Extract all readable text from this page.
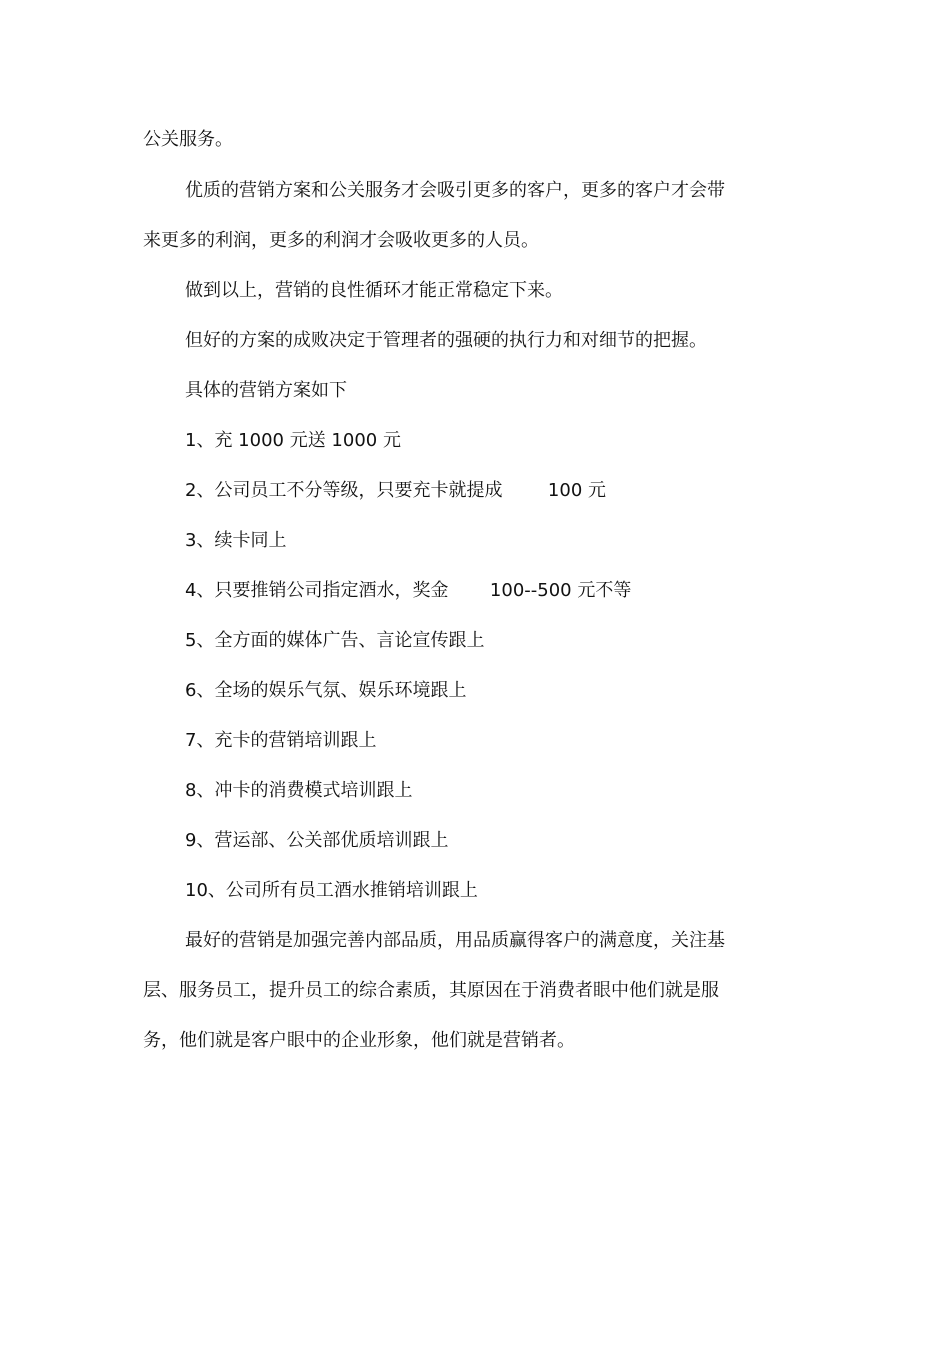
公关服务。
优质的营销方案和公关服务才会吸引更多的客户，更多的客户才会带
来更多的利润，更多的利润才会吸收更多的人员。
做到以上，营销的良性循环才能正常稳定下来。
但好的方案的成败决定于管理者的强硬的执行力和对细节的把握。
具体的营销方案如下
1、充 1000 元送 1000 元
2、公司员工不分等级，只要充卡就提成	100 元
3、续卡同上
4、只要推销公司指定酒水，奖金 100--500 元不等
5、全方面的媒体广告、言论宣传跟上
6、全场的娱乐气氛、娱乐环境跟上
7、充卡的营销培训跟上
8、冲卡的消费模式培训跟上
9、营运部、公关部优质培训跟上
10、公司所有员工酒水推销培训跟上
最好的营销是加强完善内部品质，用品质赢得客户的满意度，关注基
层、服务员工，提升员工的综合素质，其原因在于消费者眼中他们就是服
务，他们就是客户眼中的企业形象，他们就是营销者。
